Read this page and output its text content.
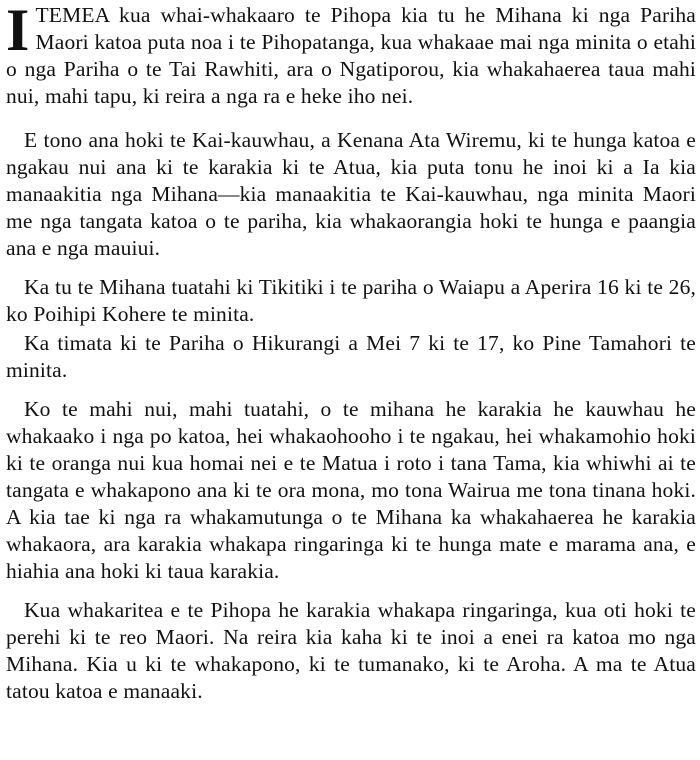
ITEMEA kua whai-whakaaro te Pihopa kia tu he Mihana ki nga Pariha Maori katoa puta noa i te Pihopatanga, kua whakaae mai nga minita o etahi o nga Pariha o te Tai Rawhiti, ara o Ngatiporou, kia whakahaerea taua mahi nui, mahi tapu, ki reira a nga ra e heke iho nei.

E tono ana hoki te Kai-kauwhau, a Kenana Ata Wiremu, ki te hunga katoa e ngakau nui ana ki te karakia ki te Atua, kia puta tonu he inoi ki a Ia kia manaakitia nga Mihana—kia manaakitia te Kai-kauwhau, nga minita Maori me nga tangata katoa o te pariha, kia whakaorangia hoki te hunga e paangia ana e nga mauiui.

Ka tu te Mihana tuatahi ki Tikitiki i te pariha o Waiapu a Aperira 16 ki te 26, ko Poihipi Kohere te minita.

Ka timata ki te Pariha o Hikurangi a Mei 7 ki te 17, ko Pine Tamahori te minita.

Ko te mahi nui, mahi tuatahi, o te mihana he karakia he kauwhau he whakaako i nga po katoa, hei whakaohooho i te ngakau, hei whakamohio hoki ki te oranga nui kua homai nei e te Matua i roto i tana Tama, kia whiwhi ai te tangata e whakapono ana ki te ora mona, mo tona Wairua me tona tinana hoki. A kia tae ki nga ra whakamutunga o te Mihana ka whakahaerea he karakia whakaora, ara karakia whakapa ringaringa ki te hunga mate e marama ana, e hiahia ana hoki ki taua karakia.

Kua whakaritea e te Pihopa he karakia whakapa ringaringa, kua oti hoki te perehi ki te reo Maori. Na reira kia kaha ki te inoi a enei ra katoa mo nga Mihana. Kia u ki te whakapono, ki te tumanako, ki te Aroha. A ma te Atua tatou katoa e manaaki.
